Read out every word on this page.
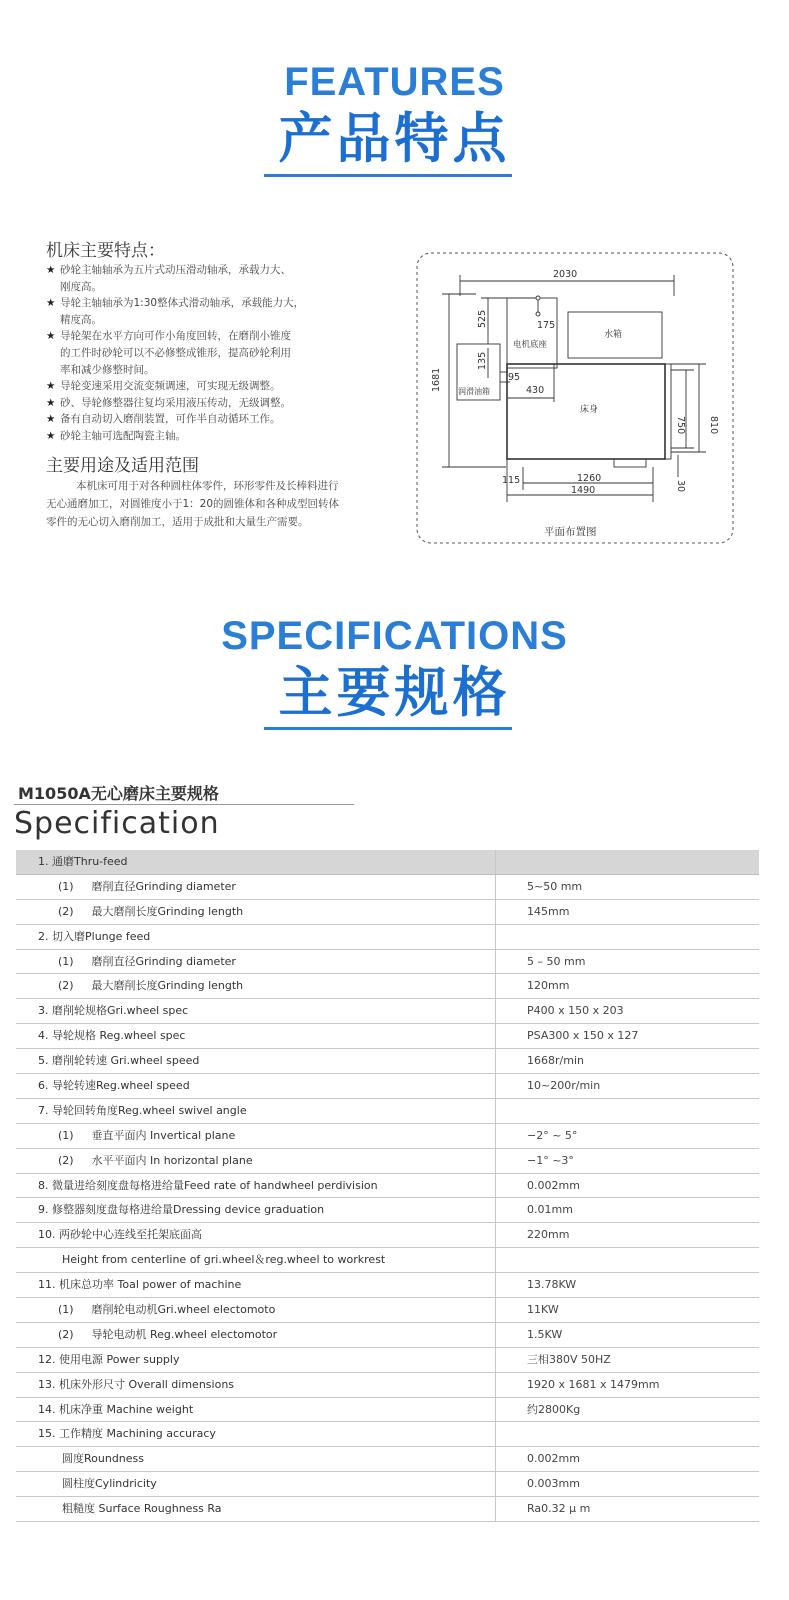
FEATURES
产品特点
机床主要特点：
★ 砂轮主轴轴承为五片式动压滑动轴承，承载力大、
刚度高。
★ 导轮主轴轴承为1:30整体式滑动轴承，承载能力大，
精度高。
★ 导轮架在水平方向可作小角度回转，在磨削小锥度
的工件时砂轮可以不必修整成锥形，提高砂轮利用
率和减少修整时间。
★ 导轮变速采用交流变频调速，可实现无级调整。
★ 砂、导轮修整器往复均采用液压传动，无级调整。
★ 备有自动切入磨削装置，可作半自动循环工作。
★ 砂轮主轴可选配陶瓷主轴。
主要用途及适用范围
本机床可用于对各种圆柱体零件，环形零件及长棒料进行无心通磨加工，对圆锥度小于1：20的圆锥体和各种成型回转体零件的无心切入磨削加工，适用于成批和大量生产需要。
2030
525	175
电机底座
水箱
135
1681	95
430
润滑油箱
床身
810
750
30
115	1260
1490
平面布置图
SPECIFICATIONS
主要规格
M1050A无心磨床主要规格
Specification
1. 通磨Thru-feed
(1) 磨削直径Grinding diameter	5~50 mm
(2) 最大磨削长度Grinding length	145mm
2. 切入磨Plunge feed
(1) 磨削直径Grinding diameter	5 – 50 mm
(2) 最大磨削长度Grinding length	120mm
3. 磨削轮规格Gri.wheel spec	P400 x 150 x 203
4. 导轮规格 Reg.wheel spec	PSA300 x 150 x 127
5. 磨削轮转速 Gri.wheel speed	1668r/min
6. 导轮转速Reg.wheel speed	10~200r/min
7. 导轮回转角度Reg.wheel swivel angle
(1) 垂直平面内 Invertical plane	−2° ~ 5°
(2) 水平平面内 In horizontal plane	−1° ~3°
8. 微量进给刻度盘每格进给量Feed rate of handwheel perdivision	0.002mm
9. 修整器刻度盘每格进给量Dressing device graduation	0.01mm
10. 两砂轮中心连线至托架底面高	220mm
Height from centerline of gri.wheel＆reg.wheel to workrest
11. 机床总功率 Toal power of machine	13.78KW
(1) 磨削轮电动机Gri.wheel electomoto	11KW
(2) 导轮电动机 Reg.wheel electomotor	1.5KW
12. 使用电源 Power supply	三相380V 50HZ
13. 机床外形尺寸 Overall dimensions	1920 x 1681 x 1479mm
14. 机床净重 Machine weight	约2800Kg
15. 工作精度 Machining accuracy
圆度Roundness	0.002mm
圆柱度Cylindricity	0.003mm
粗糙度 Surface Roughness Ra	Ra0.32 μ m
